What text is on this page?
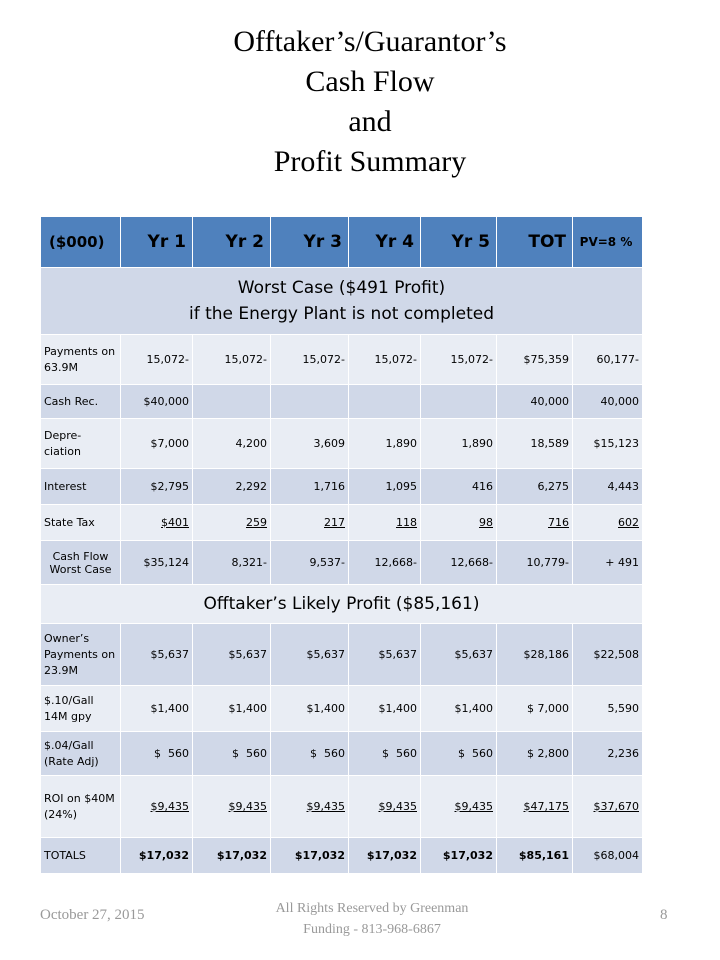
Offtaker’s/Guarantor’s
Cash Flow
and
Profit Summary
($000)	Yr 1	Yr 2	Yr 3	Yr 4	Yr 5	TOT	PV=8 %

Worst Case ($491 Profit)
if the Energy Plant is not completed							

Payments on 63.9M	15,072-	15,072-	15,072-	15,072-	15,072-	$75,359	60,177-
Cash Rec.	$40,000					40,000	40,000
Depre-ciation	$7,000	4,200	3,609	1,890	1,890	18,589	$15,123
Interest	$2,795	2,292	1,716	1,095	416	6,275	4,443
State Tax	$401	259	217	118	98	716	602
Cash Flow Worst Case	$35,124	8,321-	9,537-	12,668-	12,668-	10,779-	+ 491
Offtaker’s Likely Profit ($85,161)							
Owner’s Payments on 23.9M	$5,637	$5,637	$5,637	$5,637	$5,637	$28,186	$22,508
$.10/Gall 14M gpy	$1,400	$1,400	$1,400	$1,400	$1,400	$ 7,000	5,590
$.04/Gall (Rate Adj)	$  560	$  560	$  560	$  560	$  560	$ 2,800	2,236
ROI on $40M (24%)	$9,435	$9,435	$9,435	$9,435	$9,435	$47,175	$37,670
TOTALS	$17,032	$17,032	$17,032	$17,032	$17,032	$85,161	$68,004
October 27, 2015	All Rights Reserved by Greenman
Funding - 813-968-6867
8
